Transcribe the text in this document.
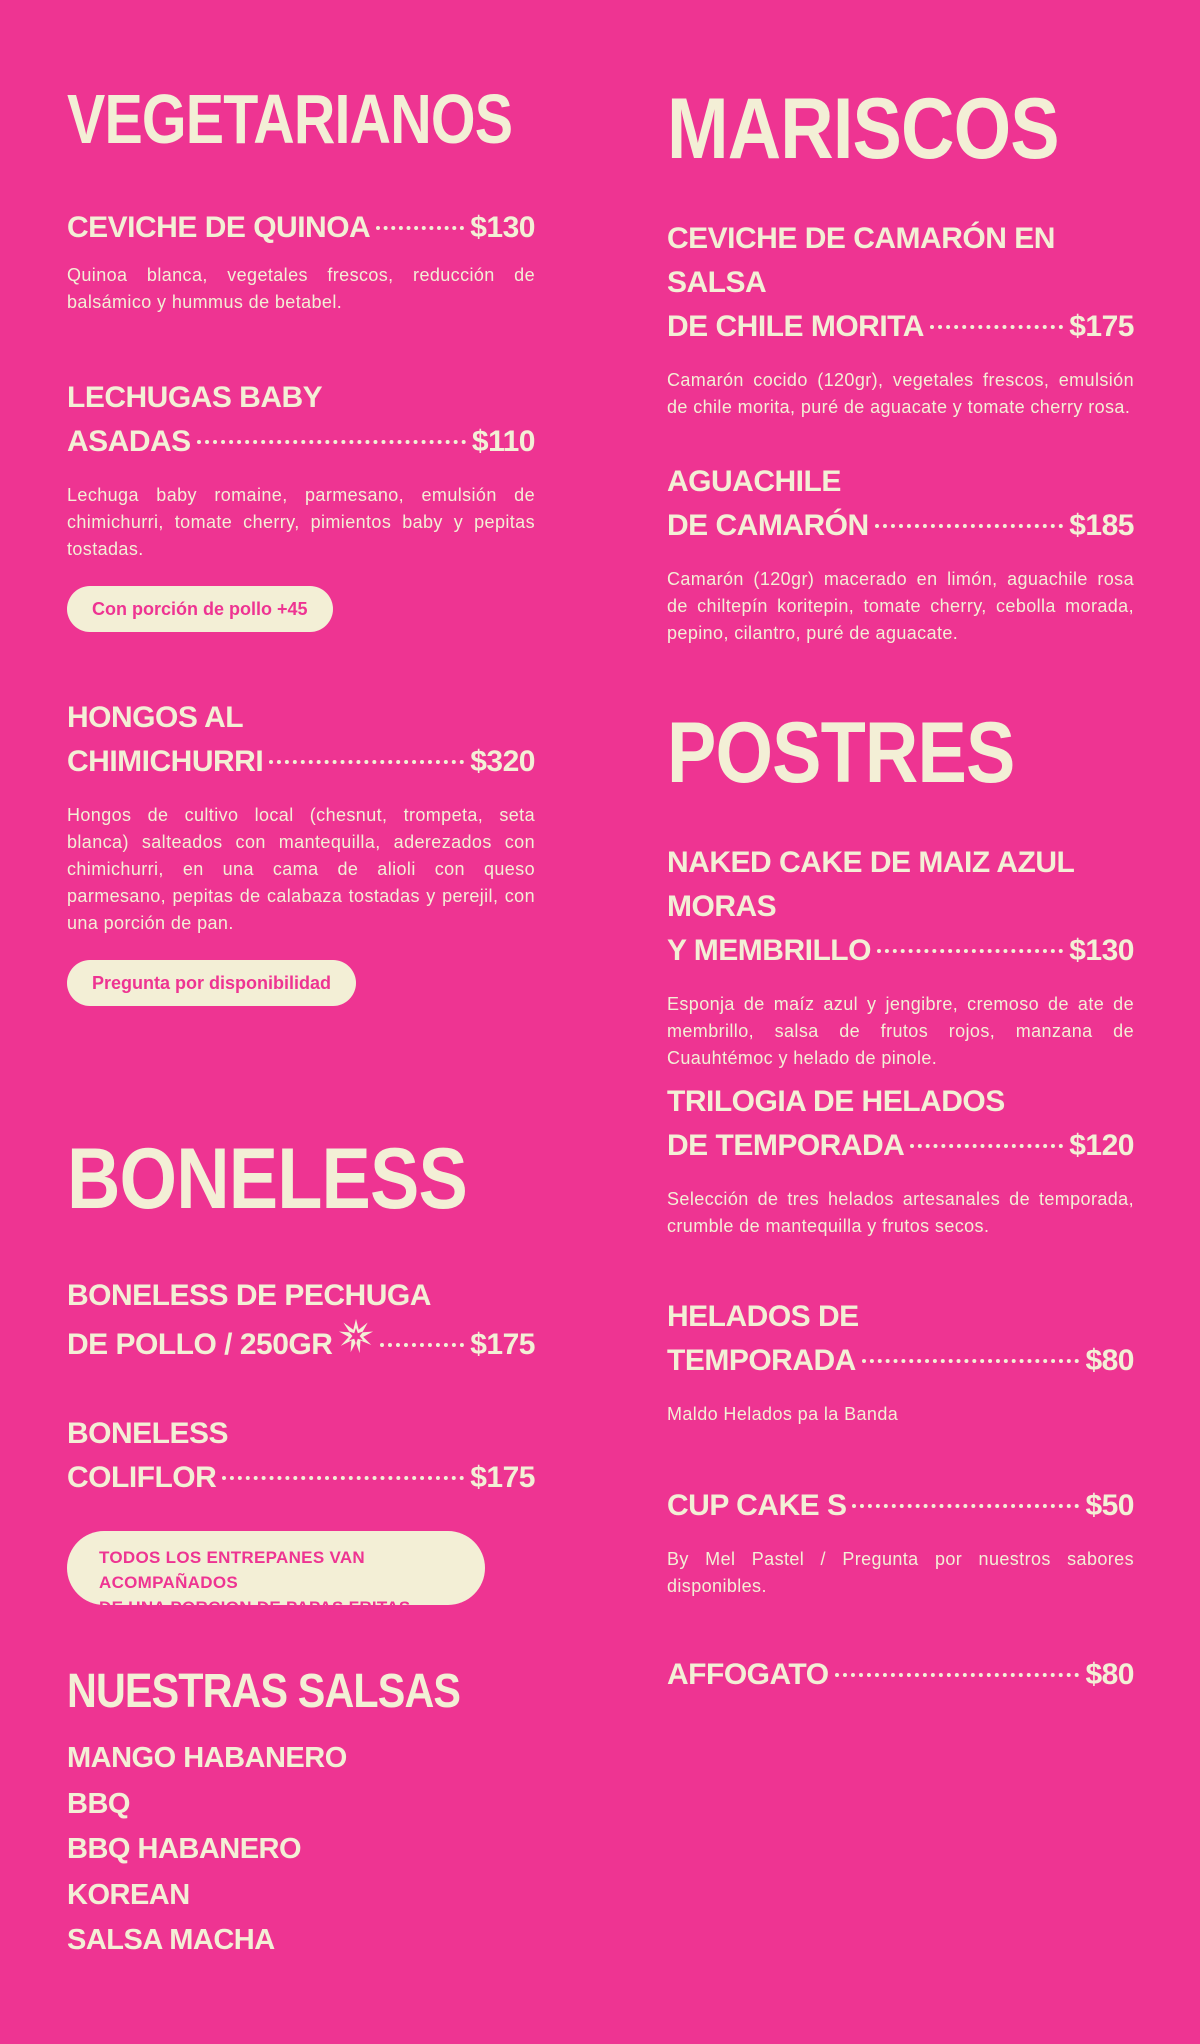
VEGETARIANOS
CEVICHE DE QUINOA	$130
Quinoa blanca, vegetales frescos, reducción de balsámico y hummus de betabel.
LECHUGAS BABY
ASADAS	$110
Lechuga baby romaine, parmesano, emulsión de chimichurri, tomate cherry, pimientos baby y pepitas tostadas.
Con porción de pollo +45
HONGOS AL
CHIMICHURRI	$320
Hongos de cultivo local (chesnut, trompeta, seta blanca) salteados con mantequilla, aderezados con chimichurri, en una cama de alioli con queso parmesano, pepitas de calabaza tostadas y perejil, con una porción de pan.
Pregunta por disponibilidad
BONELESS
BONELESS DE PECHUGA
DE POLLO / 250GR	$175
BONELESS
COLIFLOR	$175
TODOS LOS ENTREPANES VAN ACOMPAÑADOS
DE UNA PORCION DE PAPAS FRITAS
NUESTRAS SALSAS
MANGO HABANERO
BBQ
BBQ HABANERO
KOREAN
SALSA MACHA
MARISCOS
CEVICHE DE CAMARÓN EN SALSA
DE CHILE MORITA	$175
Camarón cocido (120gr), vegetales frescos, emulsión de chile morita, puré de aguacate y tomate cherry rosa.
AGUACHILE
DE CAMARÓN	$185
Camarón (120gr) macerado en limón, aguachile rosa de chiltepín koritepin, tomate cherry, cebolla morada, pepino, cilantro, puré de aguacate.
POSTRES
NAKED CAKE DE MAIZ AZUL MORAS
Y MEMBRILLO	$130
Esponja de maíz azul y jengibre, cremoso de ate de membrillo, salsa de frutos rojos, manzana de Cuauhtémoc y helado de pinole.
TRILOGIA DE HELADOS
DE TEMPORADA	$120
Selección de tres helados artesanales de temporada, crumble de mantequilla y frutos secos.
HELADOS DE
TEMPORADA	$80
Maldo Helados pa la Banda
CUP CAKE S	$50
By Mel Pastel / Pregunta por nuestros sabores disponibles.
AFFOGATO	$80
